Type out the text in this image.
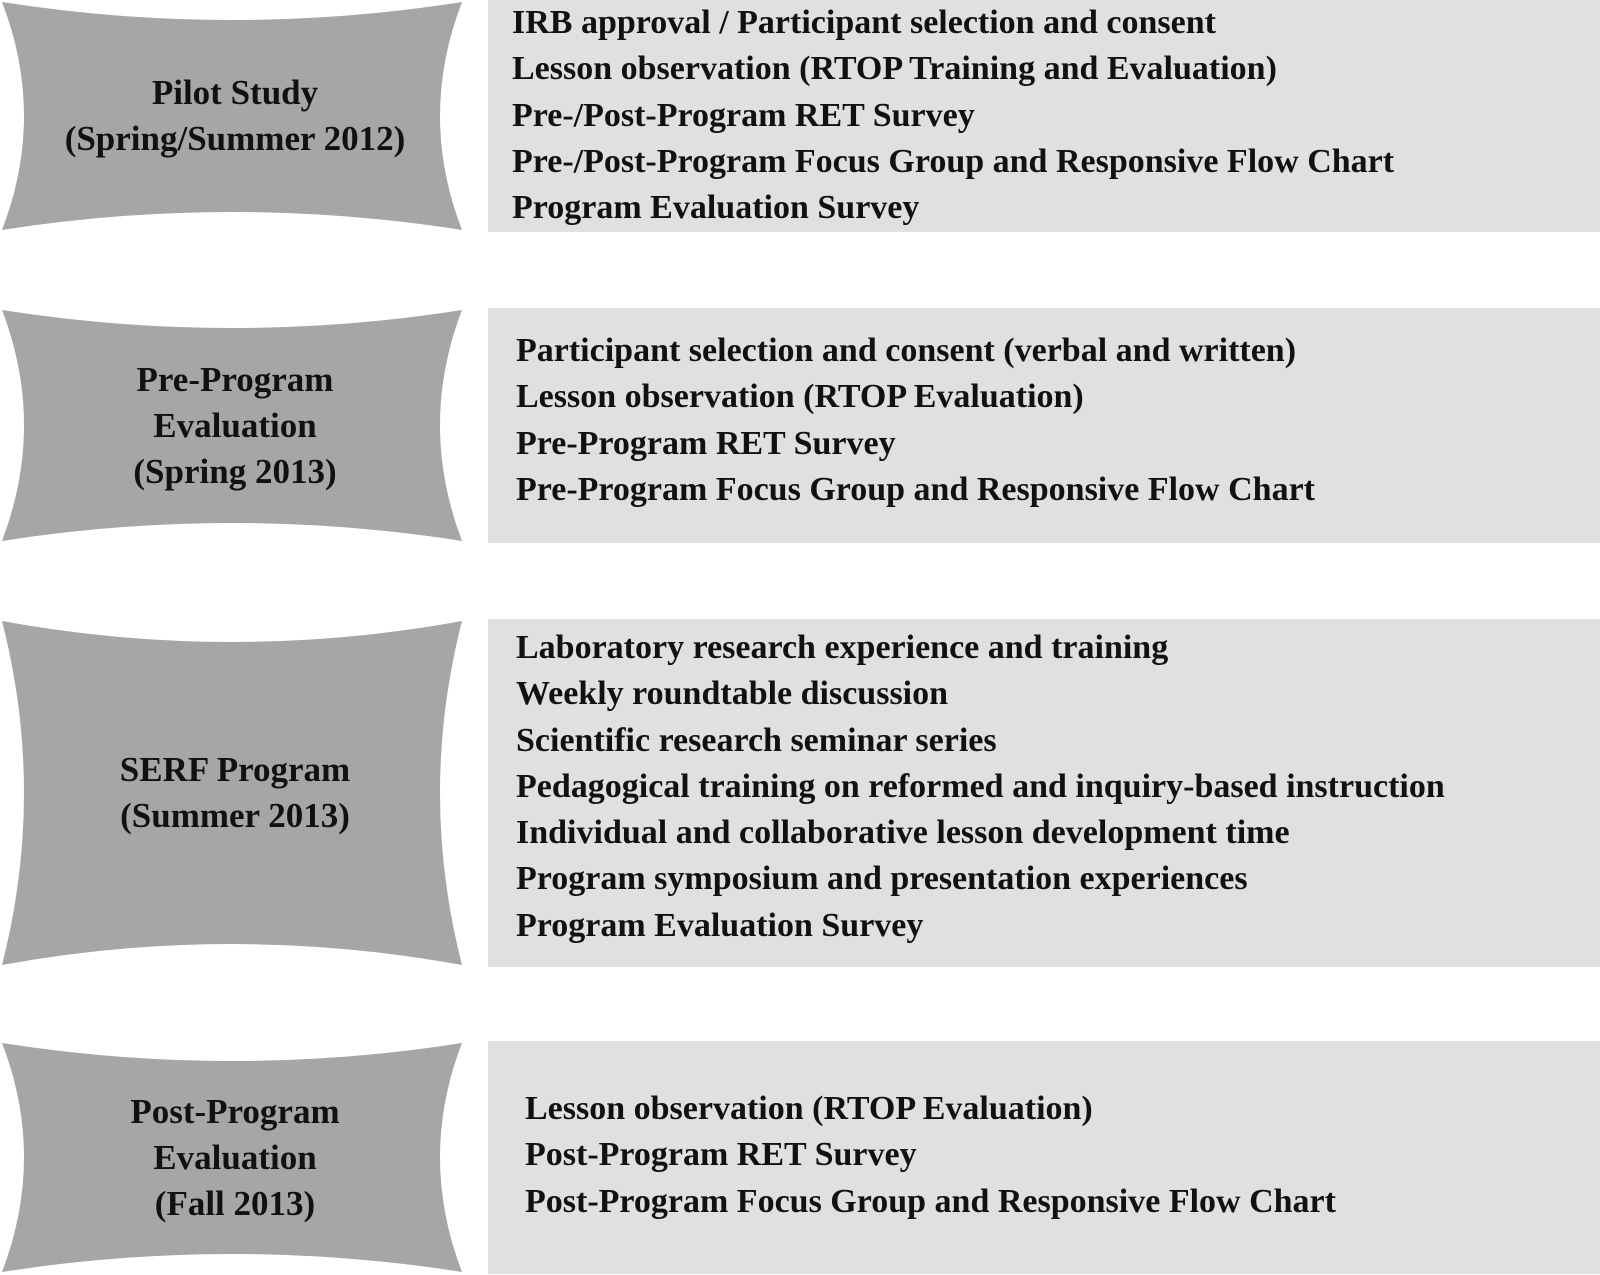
Pilot Study
(Spring/Summer 2012)
IRB approval / Participant selection and consent
Lesson observation (RTOP Training and Evaluation)
Pre-/Post-Program RET Survey
Pre-/Post-Program Focus Group and Responsive Flow Chart
Program Evaluation Survey
Pre-Program
Evaluation
(Spring 2013)
Participant selection and consent (verbal and written)
Lesson observation (RTOP Evaluation)
Pre-Program RET Survey
Pre-Program Focus Group and Responsive Flow Chart
SERF Program
(Summer 2013)
Laboratory research experience and training
Weekly roundtable discussion
Scientific research seminar series
Pedagogical training on reformed and inquiry-based instruction
Individual and collaborative lesson development time
Program symposium and presentation experiences
Program Evaluation Survey
Post-Program
Evaluation
(Fall 2013)
Lesson observation (RTOP Evaluation)
Post-Program RET Survey
Post-Program Focus Group and Responsive Flow Chart
